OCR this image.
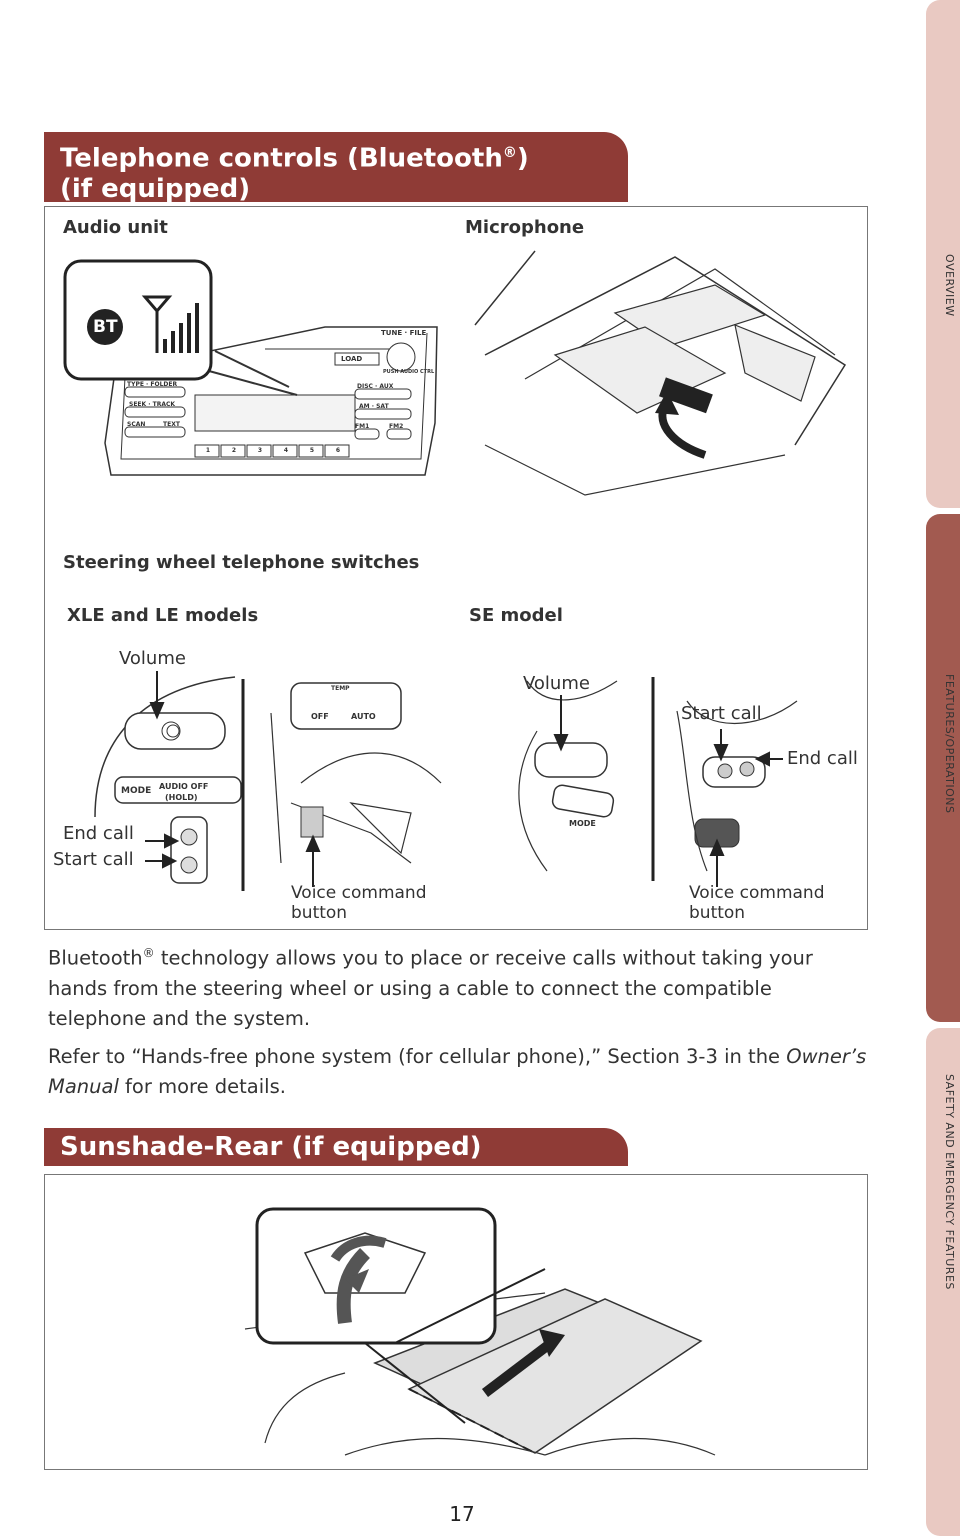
OVERVIEW
FEATURES/OPERATIONS
SAFETY AND EMERGENCY FEATURES
Telephone controls (Bluetooth®)
(if equipped)
Audio unit	Microphone
BT	TUNE · FILE
LOAD
PUSH AUDIO CTRL
TYPE · FOLDER
SEEK · TRACK
SCAN	TEXT
DISC · AUX
AM · SAT
FM1	FM2
1	2	3	4	5	6
Steering wheel telephone switches
XLE and LE models	SE model
MODE AUDIO OFF
(HOLD)
OFF	AUTO
TEMP
MODE
Volume
End call
Start call
Voice command
button
Volume
Start call
End call
Voice command
button

Bluetooth® technology allows you to place or receive calls without taking your hands from the steering wheel or using a cable to connect the compatible telephone and the system.

Refer to “Hands-free phone system (for cellular phone),” Section 3-3 in the Owner’s Manual for more details.

Sunshade-Rear (if equipped)
17
